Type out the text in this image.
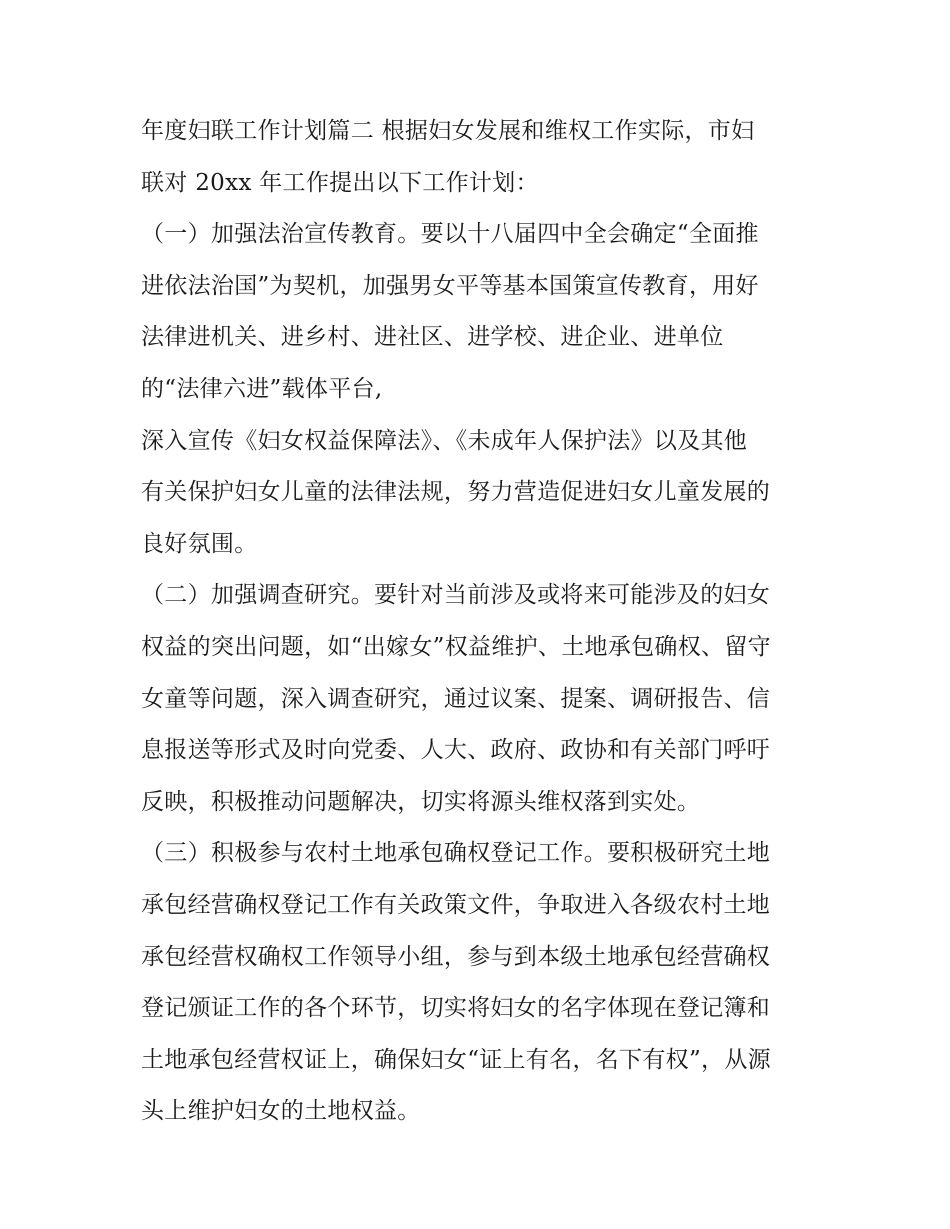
年度妇联工作计划篇二 根据妇女发展和维权工作实际，市妇
联对 20xx 年工作提出以下工作计划：
（一）加强法治宣传教育。要以十八届四中全会确定“全面推
进依法治国”为契机，加强男女平等基本国策宣传教育，用好
法律进机关、进乡村、进社区、进学校、进企业、进单位
的“法律六进”载体平台,
深入宣传《妇女权益保障法》、《未成年人保护法》以及其他
有关保护妇女儿童的法律法规，努力营造促进妇女儿童发展的
良好氛围。
（二）加强调查研究。要针对当前涉及或将来可能涉及的妇女
权益的突出问题，如“出嫁女”权益维护、土地承包确权、留守
女童等问题，深入调查研究，通过议案、提案、调研报告、信
息报送等形式及时向党委、人大、政府、政协和有关部门呼吁
反映，积极推动问题解决，切实将源头维权落到实处。
（三）积极参与农村土地承包确权登记工作。要积极研究土地
承包经营确权登记工作有关政策文件，争取进入各级农村土地
承包经营权确权工作领导小组，参与到本级土地承包经营确权
登记颁证工作的各个环节，切实将妇女的名字体现在登记簿和
土地承包经营权证上，确保妇女“证上有名，名下有权”，从源
头上维护妇女的土地权益。
